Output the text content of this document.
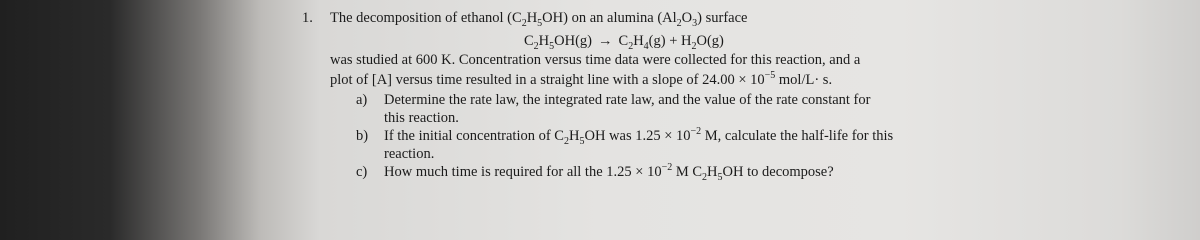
1. The decomposition of ethanol $(C_2H_5OH)$ on an alumina $(Al_2O_3)$ surface
$C_2H_5OH(g) \to C_2H_4(g) + H_2O(g)$
was studied at 600 K. Concentration versus time data were collected for this reaction, and a
plot of [A] versus time resulted in a straight line with a slope of $24.00 \times 10^{-5}$ mol/L· s.
a) Determine the rate law, the integrated rate law, and the value of the rate constant for
this reaction.
b) If the initial concentration of $C_2H_5OH$ was $1.25 \times 10^{-2}$ M, calculate the half-life for this
reaction.
c) How much time is required for all the $1.25 \times 10^{-2}$ M $C_2H_5OH$ to decompose?
